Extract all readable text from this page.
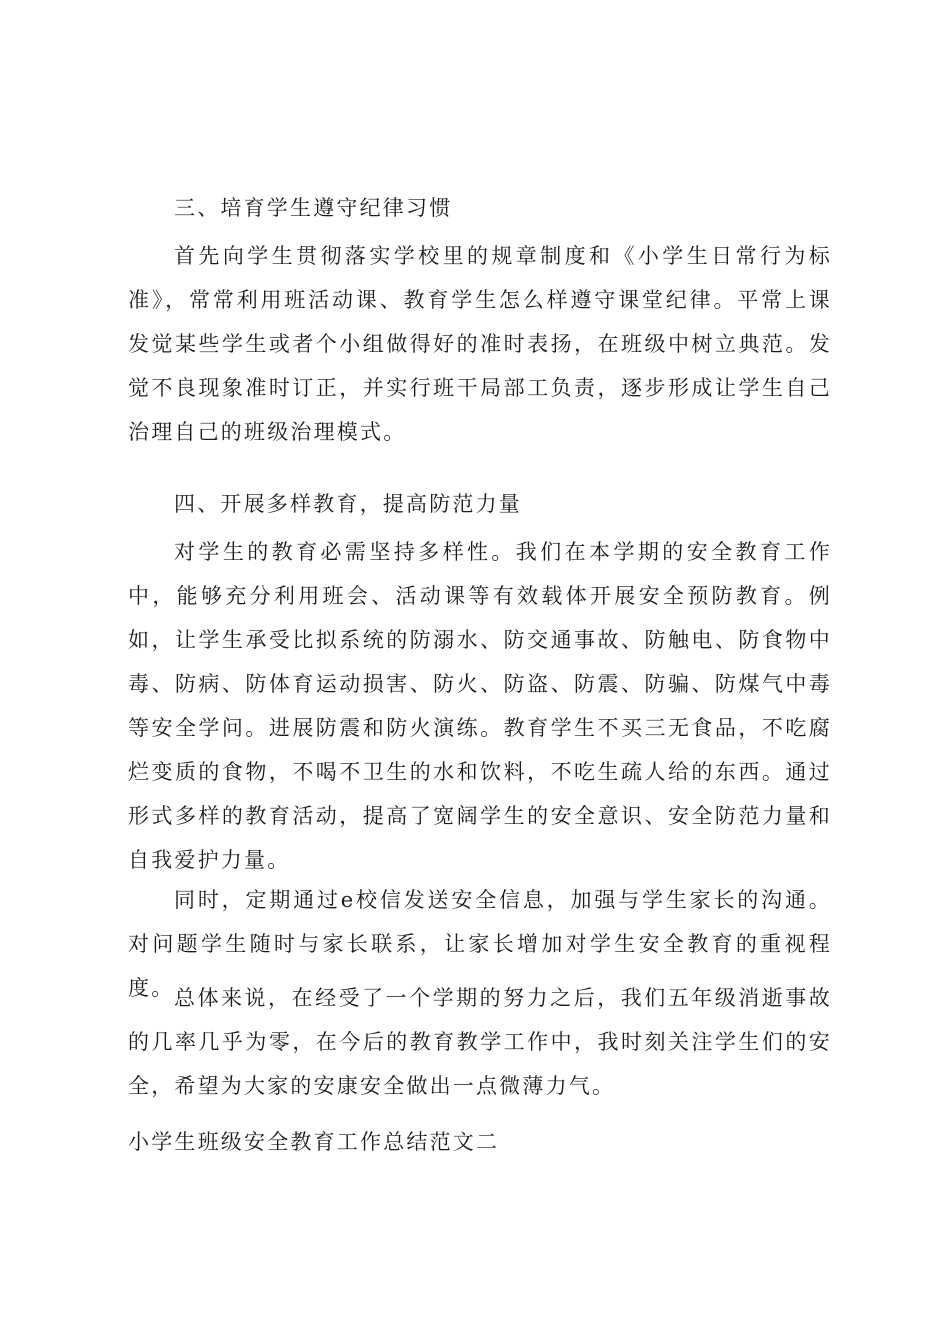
三、培育学生遵守纪律习惯

首先向学生贯彻落实学校里的规章制度和《小学生日常行为标准》，常常利用班活动课、教育学生怎么样遵守课堂纪律。平常上课发觉某些学生或者个小组做得好的准时表扬，在班级中树立典范。发觉不良现象准时订正，并实行班干局部工负责，逐步形成让学生自己治理自己的班级治理模式。

四、开展多样教育，提高防范力量

对学生的教育必需坚持多样性。我们在本学期的安全教育工作中，能够充分利用班会、活动课等有效载体开展安全预防教育。例如，让学生承受比拟系统的防溺水、防交通事故、防触电、防食物中毒、防病、防体育运动损害、防火、防盗、防震、防骗、防煤气中毒等安全学问。进展防震和防火演练。教育学生不买三无食品，不吃腐烂变质的食物，不喝不卫生的水和饮料，不吃生疏人给的东西。通过形式多样的教育活动，提高了宽阔学生的安全意识、安全防范力量和自我爱护力量。

同时，定期通过e校信发送安全信息，加强与学生家长的沟通。对问题学生随时与家长联系，让家长增加对学生安全教育的重视程度。 总体来说，在经受了一个学期的努力之后，我们五年级消逝事故的几率几乎为零，在今后的教育教学工作中，我时刻关注学生们的安全，希望为大家的安康安全做出一点微薄力气。

小学生班级安全教育工作总结范文二
